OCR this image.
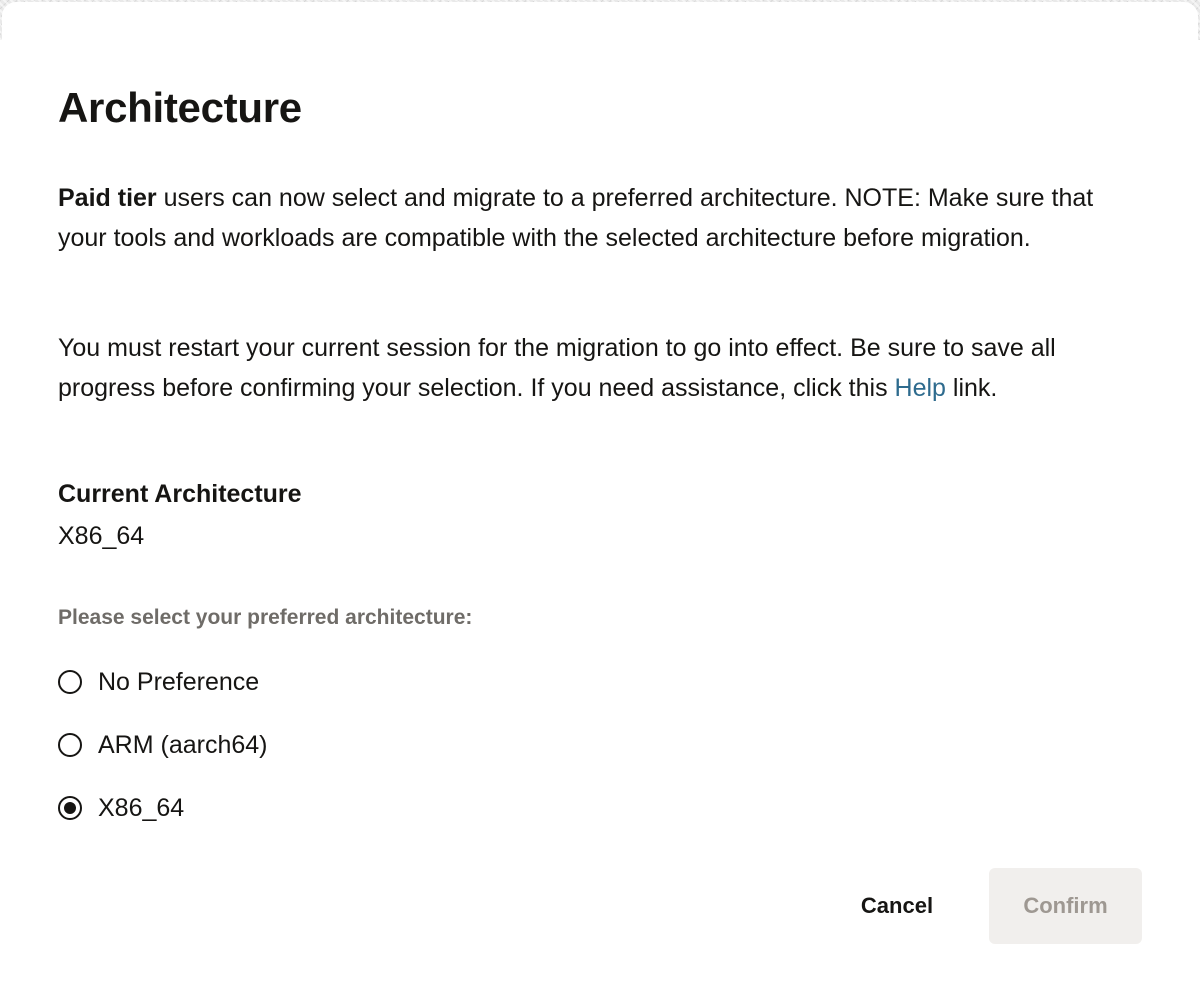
Architecture

Paid tier users can now select and migrate to a preferred architecture. NOTE: Make sure that your tools and workloads are compatible with the selected architecture before migration.

You must restart your current session for the migration to go into effect. Be sure to save all progress before confirming your selection. If you need assistance, click this Help link.

Current Architecture
X86_64
Please select your preferred architecture:
No Preference
ARM (aarch64)
X86_64
Cancel	Confirm
